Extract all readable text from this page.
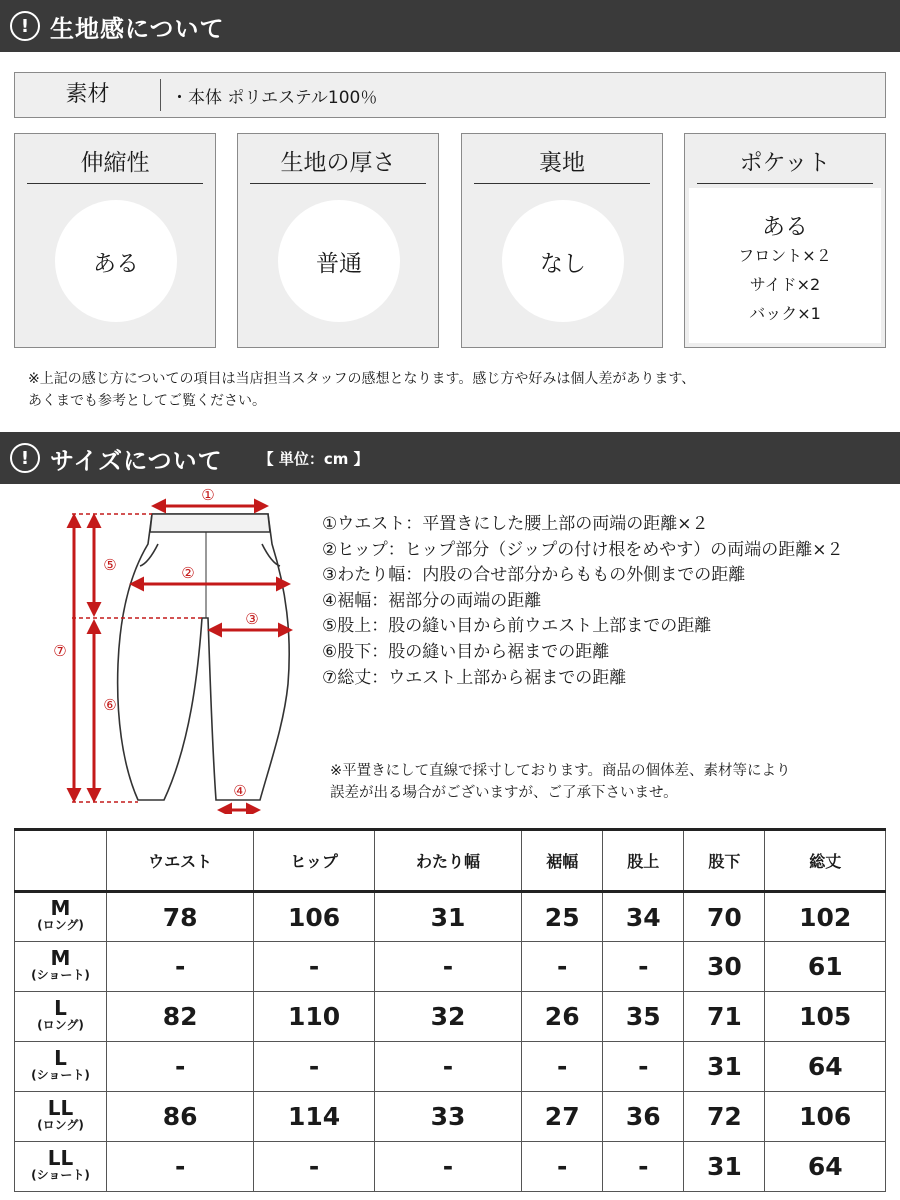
! 生地感について
素材	・本体 ポリエステル100％
伸縮性
ある
生地の厚さ
普通
裏地
なし
ポケット
ある
フロント×２
サイド×2
バック×1
※上記の感じ方についての項目は当店担当スタッフの感想となります。感じ方や好みは個人差があります、
あくまでも参考としてご覧ください。
! サイズについて 【 単位：cm 】
①
②
③
④
⑤
⑥
⑦
①ウエスト：平置きにした腰上部の両端の距離×２
②ヒップ：ヒップ部分（ジップの付け根をめやす）の両端の距離×２
③わたり幅：内股の合せ部分からももの外側までの距離
④裾幅：裾部分の両端の距離
⑤股上：股の縫い目から前ウエスト上部までの距離
⑥股下：股の縫い目から裾までの距離
⑦総丈：ウエスト上部から裾までの距離
※平置きにして直線で採寸しております。商品の個体差、素材等により
誤差が出る場合がございますが、ご了承下さいませ。
	ウエスト	ヒップ	わたり幅	裾幅	股上	股下	総丈

M
(ロング)	78	106	31	25	34	70	102

M
(ショート)	-	-	-	-	-	30	61

L
(ロング)	82	110	32	26	35	71	105

L
(ショート)	-	-	-	-	-	31	64

LL
(ロング)	86	114	33	27	36	72	106

LL
(ショート)	-	-	-	-	-	31	64
